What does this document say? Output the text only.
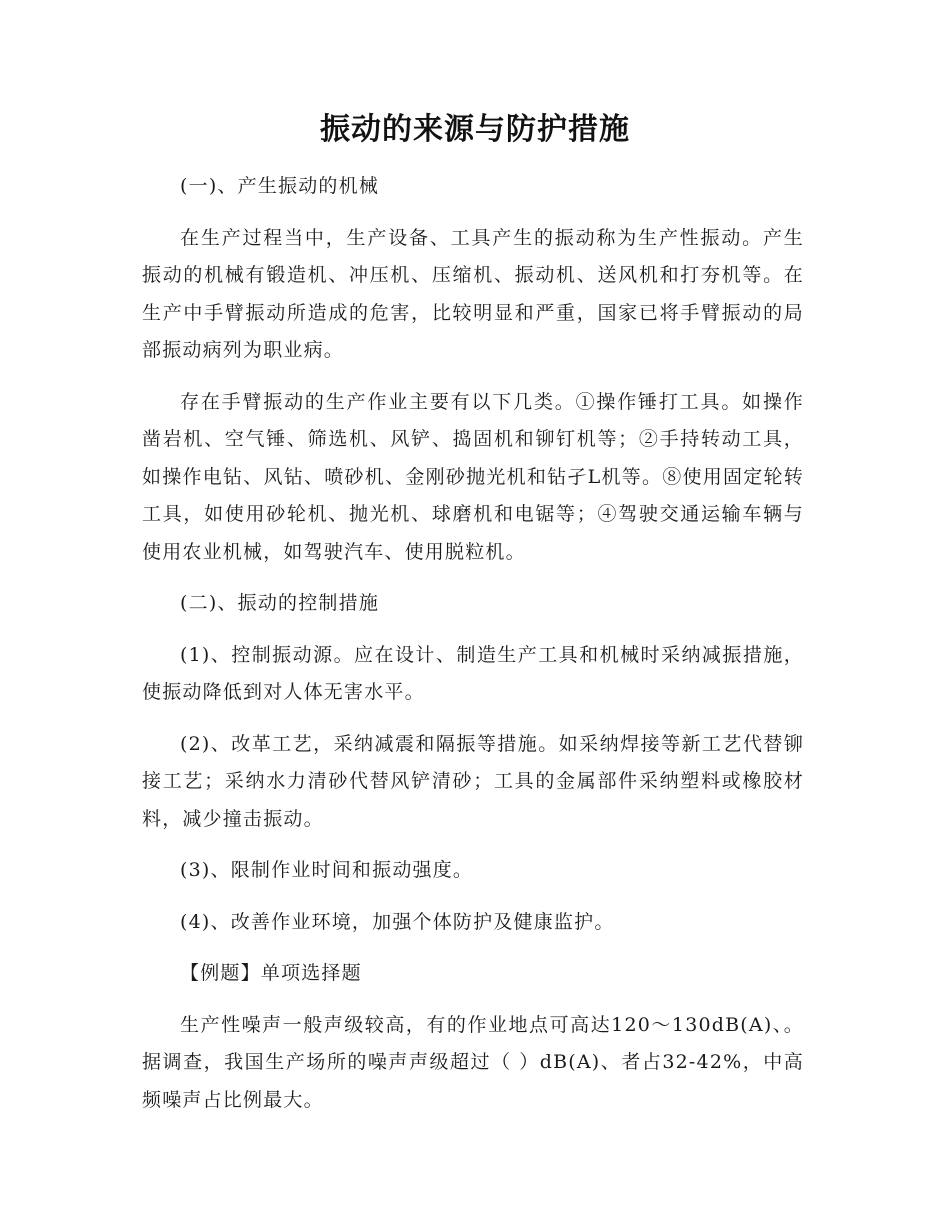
振动的来源与防护措施

(一)、产生振动的机械

在生产过程当中，生产设备、工具产生的振动称为生产性振动。产生振动的机械有锻造机、冲压机、压缩机、振动机、送风机和打夯机等。在生产中手臂振动所造成的危害，比较明显和严重，国家已将手臂振动的局部振动病列为职业病。

存在手臂振动的生产作业主要有以下几类。①操作锤打工具。如操作凿岩机、空气锤、筛选机、风铲、捣固机和铆钉机等；②手持转动工具，如操作电钻、风钻、喷砂机、金刚砂抛光机和钻孑L机等。⑧使用固定轮转工具，如使用砂轮机、抛光机、球磨机和电锯等；④驾驶交通运输车辆与使用农业机械，如驾驶汽车、使用脱粒机。

(二)、振动的控制措施

(1)、控制振动源。应在设计、制造生产工具和机械时采纳减振措施，使振动降低到对人体无害水平。

(2)、改革工艺，采纳减震和隔振等措施。如采纳焊接等新工艺代替铆接工艺；采纳水力清砂代替风铲清砂；工具的金属部件采纳塑料或橡胶材料，减少撞击振动。

(3)、限制作业时间和振动强度。

(4)、改善作业环境，加强个体防护及健康监护。

【例题】单项选择题

生产性噪声一般声级较高，有的作业地点可高达120～130dB(A)、。据调查，我国生产场所的噪声声级超过（ ）dB(A)、者占32-42%，中高频噪声占比例最大。
